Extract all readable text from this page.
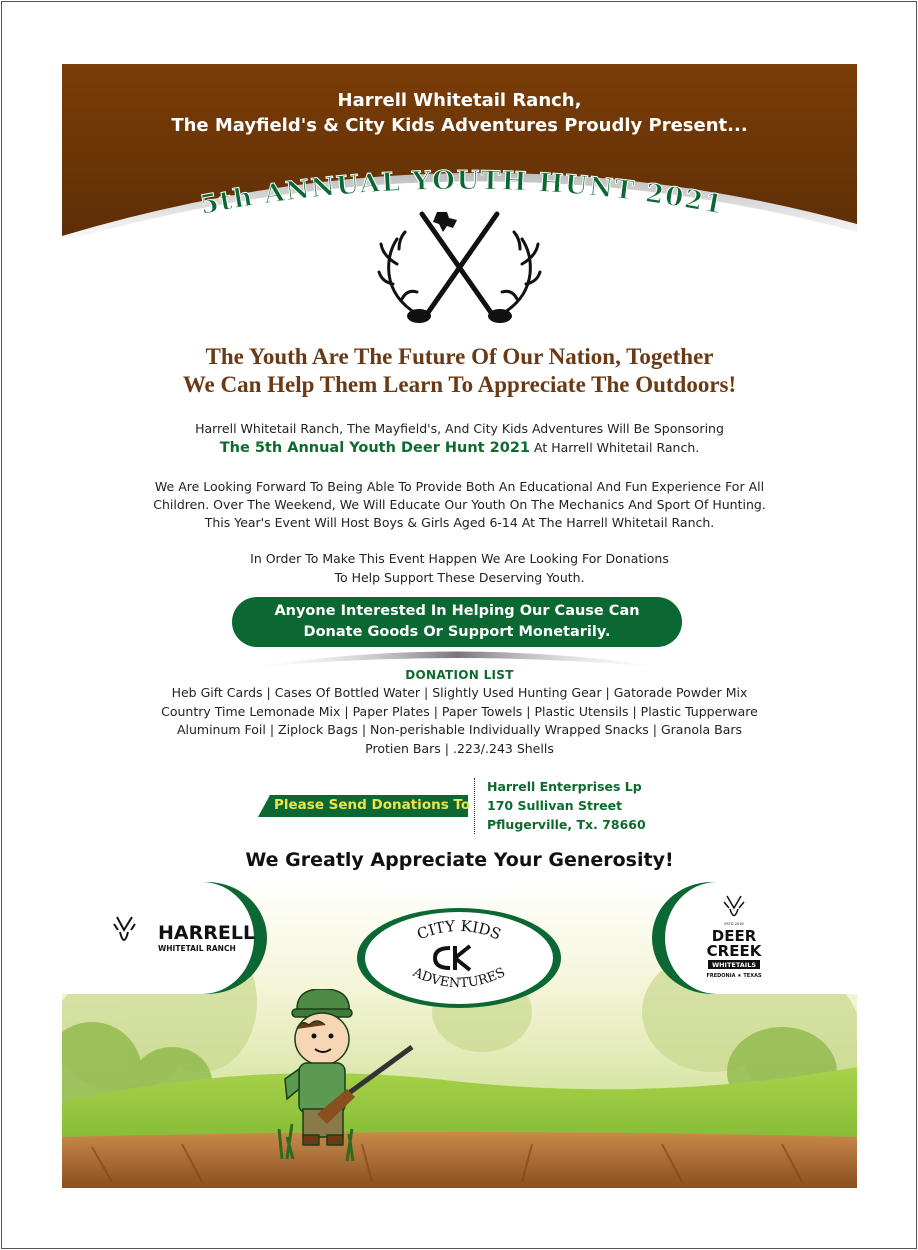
Harrell Whitetail Ranch,
The Mayfield's & City Kids Adventures Proudly Present...
5th ANNUAL YOUTH HUNT 2021
The Youth Are The Future Of Our Nation, Together
We Can Help Them Learn To Appreciate The Outdoors!
Harrell Whitetail Ranch, The Mayfield's, And City Kids Adventures Will Be Sponsoring
The 5th Annual Youth Deer Hunt 2021 At Harrell Whitetail Ranch.
We Are Looking Forward To Being Able To Provide Both An Educational And Fun Experience For All
Children. Over The Weekend, We Will Educate Our Youth On The Mechanics And Sport Of Hunting.
This Year's Event Will Host Boys & Girls Aged 6-14 At The Harrell Whitetail Ranch.
In Order To Make This Event Happen We Are Looking For Donations
To Help Support These Deserving Youth.
Anyone Interested In Helping Our Cause Can
Donate Goods Or Support Monetarily.
DONATION LIST
Heb Gift Cards | Cases Of Bottled Water | Slightly Used Hunting Gear | Gatorade Powder Mix
Country Time Lemonade Mix | Paper Plates | Paper Towels | Plastic Utensils | Plastic Tupperware
Aluminum Foil | Ziplock Bags | Non-perishable Individually Wrapped Snacks | Granola Bars
Protien Bars | .223/.243 Shells
Please Send Donations To
Harrell Enterprises Lp
170 Sullivan Street
Pflugerville, Tx. 78660
We Greatly Appreciate Your Generosity!
HARRELL
WHITETAIL RANCH
CITY KIDS
ADVENTURES
ESTD 2016
DEER
CREEK
WHITETAILS
FREDONIA ★ TEXAS
